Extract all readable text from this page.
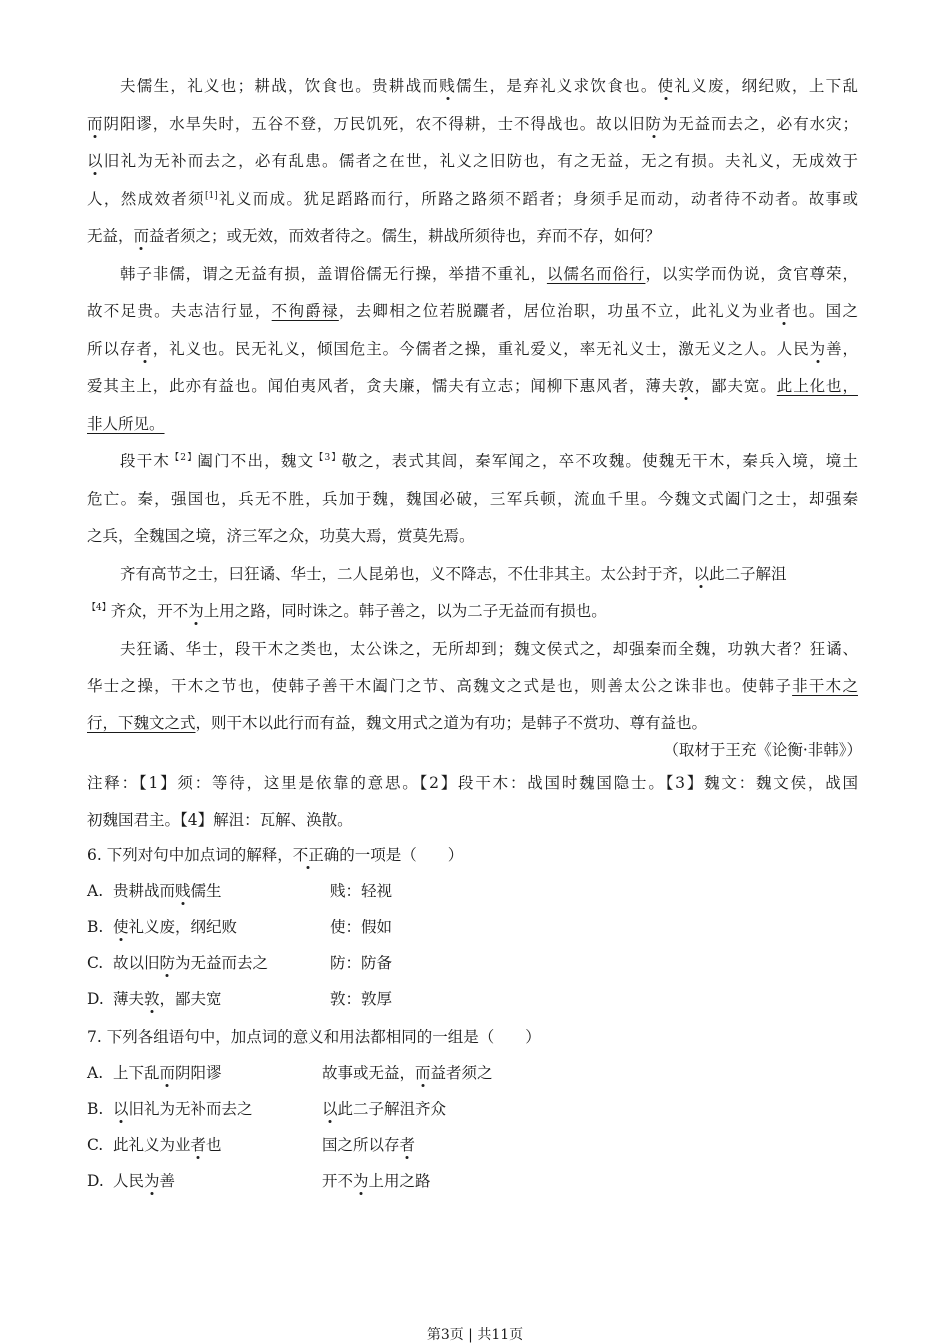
夫儒生，礼义也；耕战，饮食也。贵耕战而贱儒生，是弃礼义求饮食也。使礼义废，纲纪败，上下乱
而阴阳谬，水旱失时，五谷不登，万民饥死，农不得耕，士不得战也。故以旧防为无益而去之，必有水灾；
以旧礼为无补而去之，必有乱患。儒者之在世，礼义之旧防也，有之无益，无之有损。夫礼义，无成效于
人，然成效者须[1]礼义而成。犹足蹈路而行，所路之路须不蹈者；身须手足而动，动者待不动者。故事或
无益，而益者须之；或无效，而效者待之。儒生，耕战所须待也，弃而不存，如何？
韩子非儒，谓之无益有损，盖谓俗儒无行操，举措不重礼，以儒名而俗行，以实学而伪说，贪官尊荣，
故不足贵。夫志洁行显，不徇爵禄，去卿相之位若脱躧者，居位治职，功虽不立，此礼义为业者也。国之
所以存者，礼义也。民无礼义，倾国危主。今儒者之操，重礼爱义，率无礼义士，激无义之人。人民为善，
爱其主上，此亦有益也。闻伯夷风者，贪夫廉，懦夫有立志；闻柳下惠风者，薄夫敦，鄙夫宽。此上化也，
非人所见。
段干木$^{【2】}$阖门不出，魏文$^{【3】}$敬之，表式其闾，秦军闻之，卒不攻魏。使魏无干木，秦兵入境，境土
危亡。秦，强国也，兵无不胜，兵加于魏，魏国必破，三军兵顿，流血千里。今魏文式阖门之士，却强秦
之兵，全魏国之境，济三军之众，功莫大焉，赏莫先焉。
齐有高节之士，曰狂谲、华士，二人昆弟也，义不降志，不仕非其主。太公封于齐，以此二子解沮
$^{【4】}$齐众，开不为上用之路，同时诛之。韩子善之，以为二子无益而有损也。
夫狂谲、华士，段干木之类也，太公诛之，无所却到；魏文侯式之，却强秦而全魏，功孰大者？狂谲、
华士之操，干木之节也，使韩子善干木阖门之节、高魏文之式是也，则善太公之诛非也。使韩子非干木之
行，下魏文之式，则干木以此行而有益，魏文用式之道为有功；是韩子不赏功、尊有益也。
（取材于王充《论衡·非韩》）
注释：【1】须：等待，这里是依靠的意思。【2】段干木：战国时魏国隐士。【3】魏文：魏文侯，战国
初魏国君主。【4】解沮：瓦解、涣散。
6. 下列对句中加点词的解释，不正确的一项是（　　）
A. 贵耕战而贱儒生	贱：轻视
B. 使礼义废，纲纪败	使：假如
C. 故以旧防为无益而去之	防：防备
D. 薄夫敦，鄙夫宽	敦：敦厚
7. 下列各组语句中，加点词的意义和用法都相同的一组是（　　）
A. 上下乱而阴阳谬	故事或无益，而益者须之
B. 以旧礼为无补而去之	以此二子解沮齐众
C. 此礼义为业者也	国之所以存者
D. 人民为善	开不为上用之路
第3页 | 共11页
